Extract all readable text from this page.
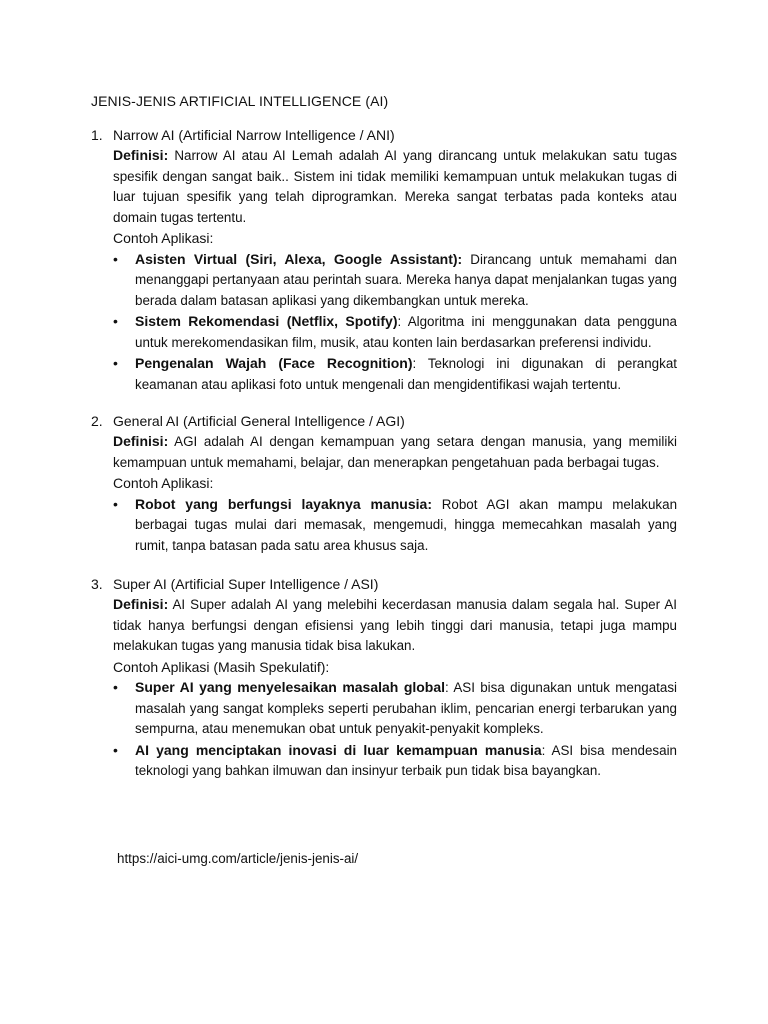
JENIS-JENIS ARTIFICIAL INTELLIGENCE (AI)
1. Narrow AI (Artificial Narrow Intelligence / ANI)
Definisi: Narrow AI atau AI Lemah adalah AI yang dirancang untuk melakukan satu tugas spesifik dengan sangat baik.. Sistem ini tidak memiliki kemampuan untuk melakukan tugas di luar tujuan spesifik yang telah diprogramkan. Mereka sangat terbatas pada konteks atau domain tugas tertentu.
Contoh Aplikasi:
•	Asisten Virtual (Siri, Alexa, Google Assistant): Dirancang untuk memahami dan menanggapi pertanyaan atau perintah suara. Mereka hanya dapat menjalankan tugas yang berada dalam batasan aplikasi yang dikembangkan untuk mereka.
•	Sistem Rekomendasi (Netflix, Spotify): Algoritma ini menggunakan data pengguna untuk merekomendasikan film, musik, atau konten lain berdasarkan preferensi individu.
•	Pengenalan Wajah (Face Recognition): Teknologi ini digunakan di perangkat keamanan atau aplikasi foto untuk mengenali dan mengidentifikasi wajah tertentu.
2. General AI (Artificial General Intelligence / AGI)
Definisi: AGI adalah AI dengan kemampuan yang setara dengan manusia, yang memiliki kemampuan untuk memahami, belajar, dan menerapkan pengetahuan pada berbagai tugas.
Contoh Aplikasi:
•	Robot yang berfungsi layaknya manusia: Robot AGI akan mampu melakukan berbagai tugas mulai dari memasak, mengemudi, hingga memecahkan masalah yang rumit, tanpa batasan pada satu area khusus saja.
3. Super AI (Artificial Super Intelligence / ASI)
Definisi: AI Super adalah AI yang melebihi kecerdasan manusia dalam segala hal. Super AI tidak hanya berfungsi dengan efisiensi yang lebih tinggi dari manusia, tetapi juga mampu melakukan tugas yang manusia tidak bisa lakukan.
Contoh Aplikasi (Masih Spekulatif):
•	Super AI yang menyelesaikan masalah global: ASI bisa digunakan untuk mengatasi masalah yang sangat kompleks seperti perubahan iklim, pencarian energi terbarukan yang sempurna, atau menemukan obat untuk penyakit-penyakit kompleks.
•	AI yang menciptakan inovasi di luar kemampuan manusia: ASI bisa mendesain teknologi yang bahkan ilmuwan dan insinyur terbaik pun tidak bisa bayangkan.
https://aici-umg.com/article/jenis-jenis-ai/
